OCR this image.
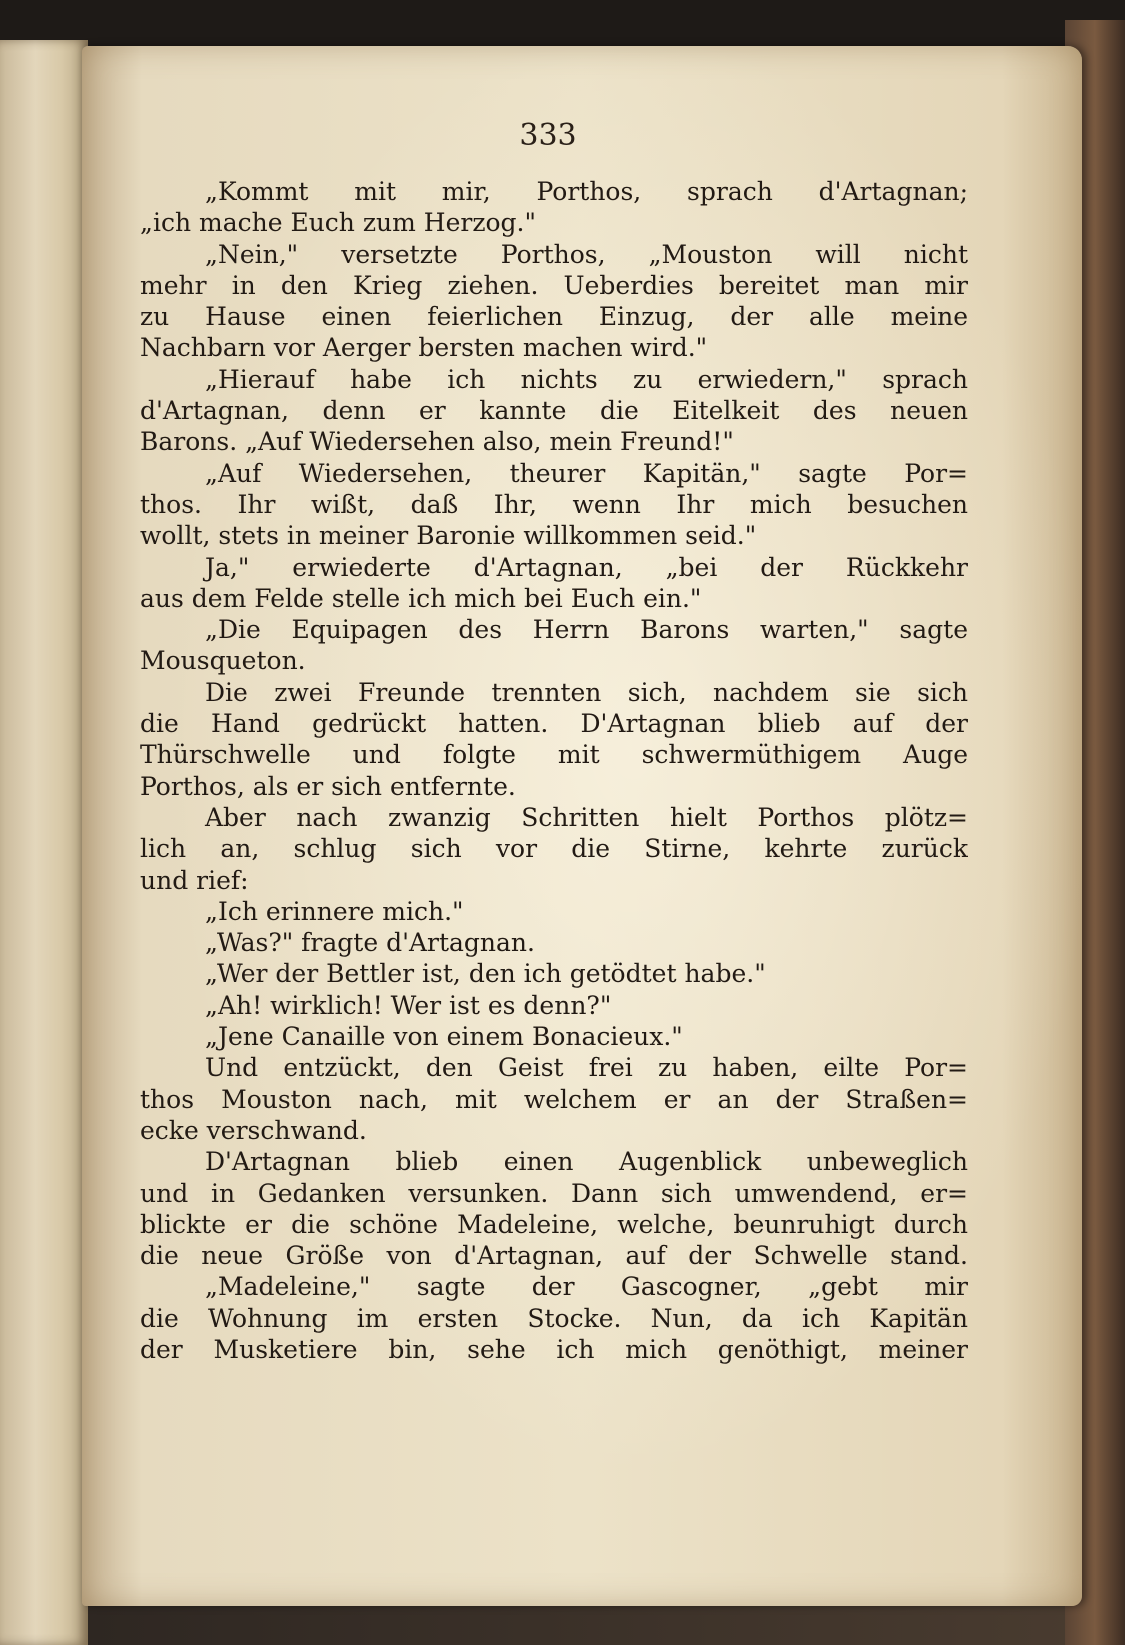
333
„Kommt mit mir, Porthos, sprach d'Artagnan;
„ich mache Euch zum Herzog."
„Nein," versetzte Porthos, „Mouston will nicht
mehr in den Krieg ziehen. Ueberdies bereitet man mir
zu Hause einen feierlichen Einzug, der alle meine
Nachbarn vor Aerger bersten machen wird."
„Hierauf habe ich nichts zu erwiedern," sprach
d'Artagnan, denn er kannte die Eitelkeit des neuen
Barons. „Auf Wiedersehen also, mein Freund!"
„Auf Wiedersehen, theurer Kapitän," sagte Por=
thos. Ihr wißt, daß Ihr, wenn Ihr mich besuchen
wollt, stets in meiner Baronie willkommen seid."
Ja," erwiederte d'Artagnan, „bei der Rückkehr
aus dem Felde stelle ich mich bei Euch ein."
„Die Equipagen des Herrn Barons warten," sagte
Mousqueton.
Die zwei Freunde trennten sich, nachdem sie sich
die Hand gedrückt hatten. D'Artagnan blieb auf der
Thürschwelle und folgte mit schwermüthigem Auge
Porthos, als er sich entfernte.
Aber nach zwanzig Schritten hielt Porthos plötz=
lich an, schlug sich vor die Stirne, kehrte zurück
und rief:
„Ich erinnere mich."
„Was?" fragte d'Artagnan.
„Wer der Bettler ist, den ich getödtet habe."
„Ah! wirklich! Wer ist es denn?"
„Jene Canaille von einem Bonacieux."
Und entzückt, den Geist frei zu haben, eilte Por=
thos Mouston nach, mit welchem er an der Straßen=
ecke verschwand.
D'Artagnan blieb einen Augenblick unbeweglich
und in Gedanken versunken. Dann sich umwendend, er=
blickte er die schöne Madeleine, welche, beunruhigt durch
die neue Größe von d'Artagnan, auf der Schwelle stand.
„Madeleine," sagte der Gascogner, „gebt mir
die Wohnung im ersten Stocke. Nun, da ich Kapitän
der Musketiere bin, sehe ich mich genöthigt, meiner
